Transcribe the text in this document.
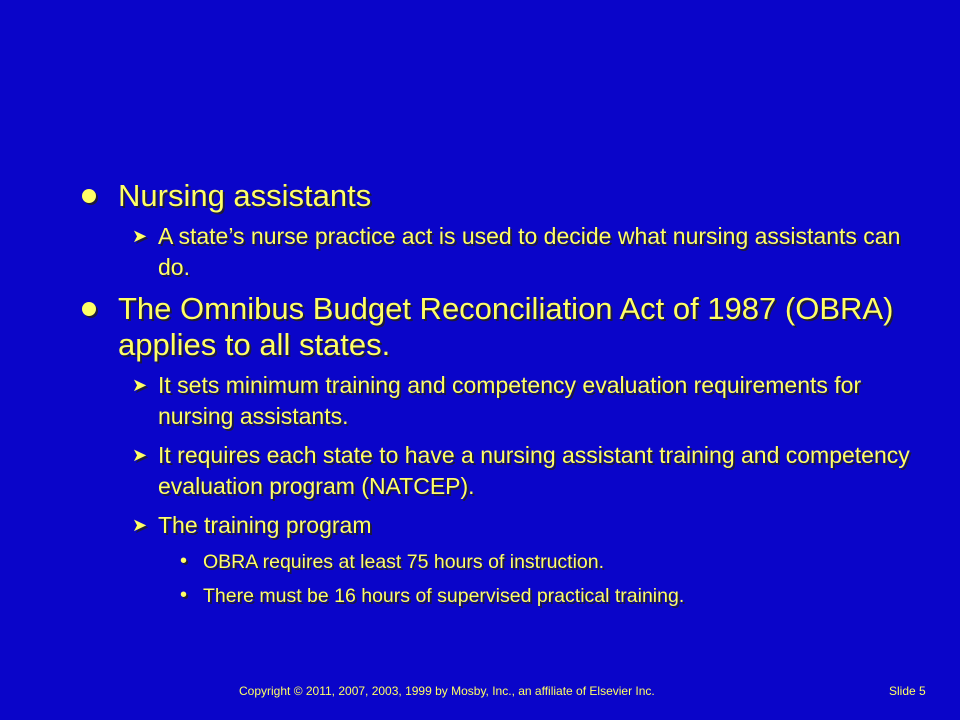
Nursing assistants
➤ A state’s nurse practice act is used to decide what nursing assistants can do.
The Omnibus Budget Reconciliation Act of 1987 (OBRA) applies to all states.
➤ It sets minimum training and competency evaluation requirements for nursing assistants.
➤ It requires each state to have a nursing assistant training and competency evaluation program (NATCEP).
➤ The training program
• OBRA requires at least 75 hours of instruction.
• There must be 16 hours of supervised practical training.
Copyright © 2011, 2007, 2003, 1999 by Mosby, Inc., an affiliate of Elsevier Inc.	Slide 5
